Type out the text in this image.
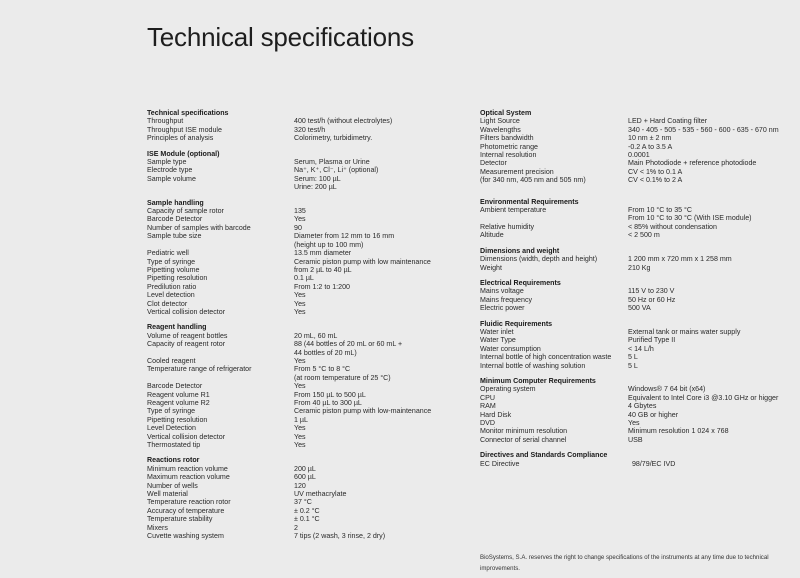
Technical specifications
Technical specifications
Throughput	400 test/h (without electrolytes)
Throughput ISE module	320 test/h
Principles of analysis	Colorimetry, turbidimetry.
ISE Module (optional)
Sample type	Serum, Plasma or Urine
Electrode type	Na⁺, K⁺, Cl⁻, Li⁺ (optional)
Sample volume	Serum: 100 µL
Urine: 200 µL
Sample handling
Capacity of sample rotor	135
Barcode Detector	Yes
Number of samples with barcode	90
Sample tube size	Diameter from 12 mm to 16 mm
(height up to 100 mm)
Pediatric well	13.5 mm diameter
Type of syringe	Ceramic piston pump with low maintenance
Pipetting volume	from 2 µL to 40 µL
Pipetting resolution	0.1 µL
Predilution ratio	From 1:2 to 1:200
Level detection	Yes
Clot detector	Yes
Vertical collision detector	Yes
Reagent handling
Volume of reagent bottles	20 mL, 60 mL
Capacity of reagent rotor	88 (44 bottles of 20 mL or 60 mL +
44 bottles of 20 mL)
Cooled reagent	Yes
Temperature range of refrigerator	From 5 °C to 8 °C
(at room temperature of 25 °C)
Barcode Detector	Yes
Reagent volume R1	From 150 µL to 500 µL
Reagent volume R2	From 40 µL to 300 µL
Type of syringe	Ceramic piston pump with low-maintenance
Pipetting resolution	1 µL
Level Detection	Yes
Vertical collision detector	Yes
Thermostated tip	Yes
Reactions rotor
Minimum reaction volume	200 µL
Maximum reaction volume	600 µL
Number of wells	120
Well material	UV methacrylate
Temperature reaction rotor	37 °C
Accuracy of temperature	± 0.2 °C
Temperature stability	± 0.1 °C
Mixers	2
Cuvette washing system	7 tips (2 wash, 3 rinse, 2 dry)
Optical System
Light Source	LED + Hard Coating filter
Wavelengths	340 - 405 - 505 - 535 - 560 - 600 - 635 - 670 nm
Filters bandwidth	10 nm ± 2 nm
Photometric range	-0.2 A to 3.5 A
Internal resolution	0.0001
Detector	Main Photodiode + reference photodiode
Measurement precision	CV < 1% to 0.1 A
(for 340 nm, 405 nm and 505 nm)	CV < 0.1% to 2 A
Environmental Requirements
Ambient temperature	From 10 °C to 35 °C
From 10 °C to 30 °C (With ISE module)
Relative humidity	< 85% without condensation
Altitude	< 2 500 m
Dimensions and weight
Dimensions (width, depth and height)	1 200 mm x 720 mm x 1 258 mm
Weight	210 Kg
Electrical Requirements
Mains voltage	115 V to 230 V
Mains frequency	50 Hz or 60 Hz
Electric power	500 VA
Fluidic Requirements
Water inlet	External tank or mains water supply
Water Type	Purified Type II
Water consumption	< 14 L/h
Internal bottle of high concentration waste	5 L
Internal bottle of washing solution	5 L
Minimum Computer Requirements
Operating system	Windows® 7 64 bit (x64)
CPU	Equivalent to Intel Core i3 @3.10 GHz or higger
RAM	4 Gbytes
Hard Disk	40 GB or higher
DVD	Yes
Monitor minimum resolution	Minimum resolution 1 024 x 768
Connector of serial channel	USB
Directives and Standards Compliance
EC Directive	98/79/EC IVD
BioSystems, S.A. reserves the right to change specifications of the instruments at any time due to technical improvements.
